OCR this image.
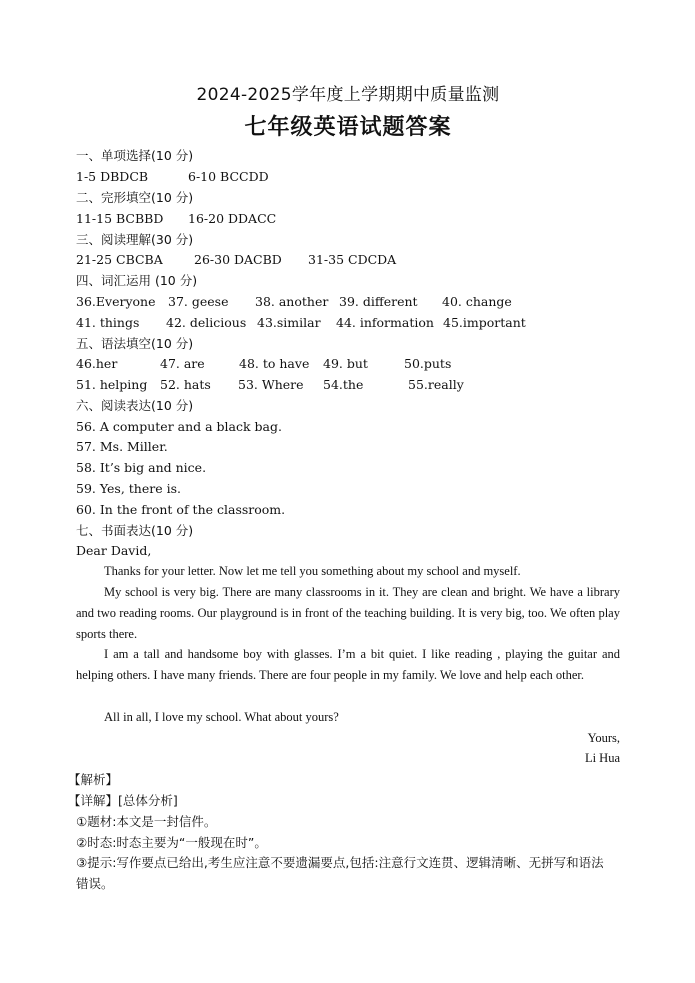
2024-2025学年度上学期期中质量监测
七年级英语试题答案
一、单项选择(10 分)
1-5 DBDCB	6-10 BCCDD
二、完形填空(10 分)
11-15 BCBBD 16-20 DDACC
三、阅读理解(30 分)
21-25 CBCBA 26-30 DACBD 31-35 CDCDA
四、词汇运用 (10 分)
36.Everyone 37. geese 38. another 39. different 40. change
41. things 42. delicious 43.similar 44. information 45.important
五、语法填空(10 分)
46.her	47. are	48. to have 49. but	50.puts
51. helping 52. hats 53. Where 54.the	55.really
六、阅读表达(10 分)
56. A computer and a black bag.
57. Ms. Miller.
58. It’s big and nice.
59. Yes, there is.
60. In the front of the classroom.
七、书面表达(10 分)
Dear David,
Thanks for your letter. Now let me tell you something about my school and myself.
My school is very big. There are many classrooms in it. They are clean and bright. We have a library and two reading rooms. Our playground is in front of the teaching building. It is very big, too. We often play sports there.
I am a tall and handsome boy with glasses. I’m a bit quiet. I like reading , playing the guitar and helping others. I have many friends. There are four people in my family. We love and help each other.
All in all, I love my school. What about yours?
Yours,
Li Hua
【解析】
【详解】[总体分析]
①题材:本文是一封信件。
②时态:时态主要为“一般现在时”。
③提示:写作要点已给出,考生应注意不要遗漏要点,包括:注意行文连贯、逻辑清晰、无拼写和语法错误。
